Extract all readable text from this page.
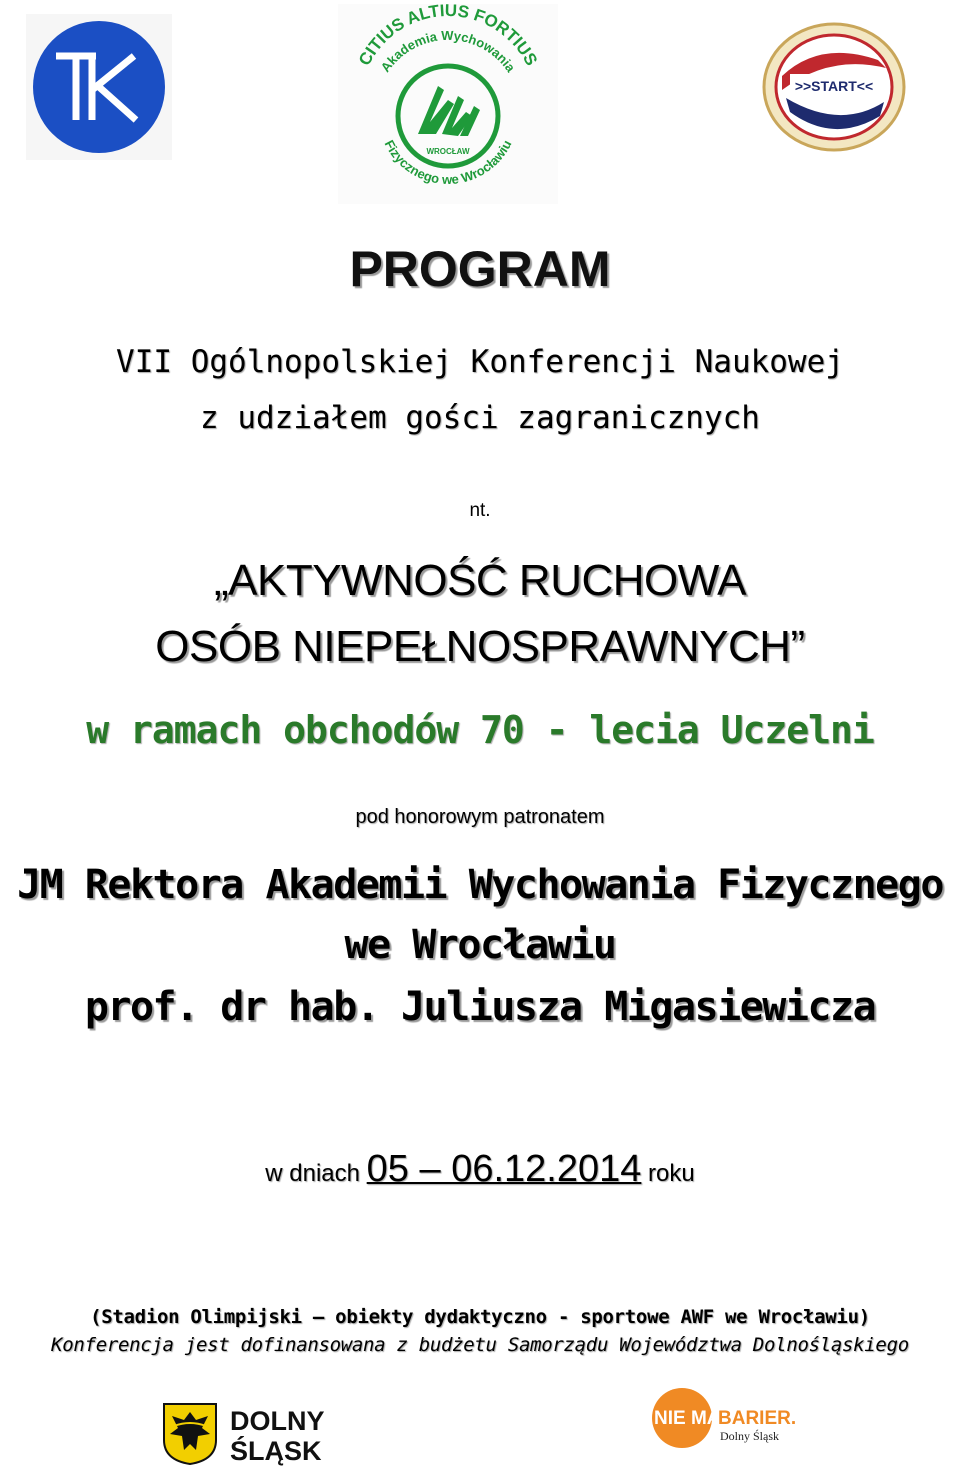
CITIUS ALTIUS FORTIUS
Akademia Wychowania
Fizycznego we Wrocławiu
WROCŁAW
>>START<<
PROGRAM
VII Ogólnopolskiej Konferencji Naukowej
z udziałem gości zagranicznych
nt.
„AKTYWNOŚĆ RUCHOWA
OSÓB NIEPEŁNOSPRAWNYCH”
w ramach obchodów 70 - lecia Uczelni
pod honorowym patronatem
JM Rektora Akademii Wychowania Fizycznego
we Wrocławiu
prof. dr hab. Juliusza Migasiewicza
w dniach 05 – 06.12.2014 roku
(Stadion Olimpijski – obiekty dydaktyczno - sportowe AWF we Wrocławiu)
Konferencja jest dofinansowana z budżetu Samorządu Województwa Dolnośląskiego
DOLNY
ŚLĄSK
NIE MA
BARIER.
Dolny Śląsk
